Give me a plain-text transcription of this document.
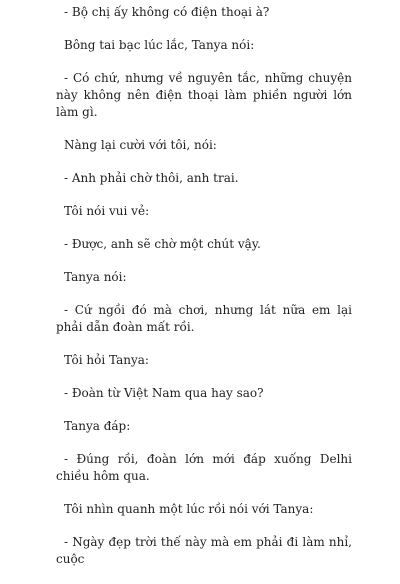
- Bộ chị ấy không có điện thoại à?

Bông tai bạc lúc lắc, Tanya nói:

- Có chứ, nhưng về nguyên tắc, những chuyện này không nên điện thoại làm phiền người lớn làm gì.

Nàng lại cười với tôi, nói:

- Anh phải chờ thôi, anh trai.

Tôi nói vui vẻ:

- Được, anh sẽ chờ một chút vậy.

Tanya nói:

- Cứ ngồi đó mà chơi, nhưng lát nữa em lại phải dẫn đoàn mất rồi.

Tôi hỏi Tanya:

- Đoàn từ Việt Nam qua hay sao?

Tanya đáp:

- Đúng rồi, đoàn lớn mới đáp xuống Delhi chiều hôm qua.

Tôi nhìn quanh một lúc rồi nói với Tanya:

- Ngày đẹp trời thế này mà em phải đi làm nhỉ, cuộc
